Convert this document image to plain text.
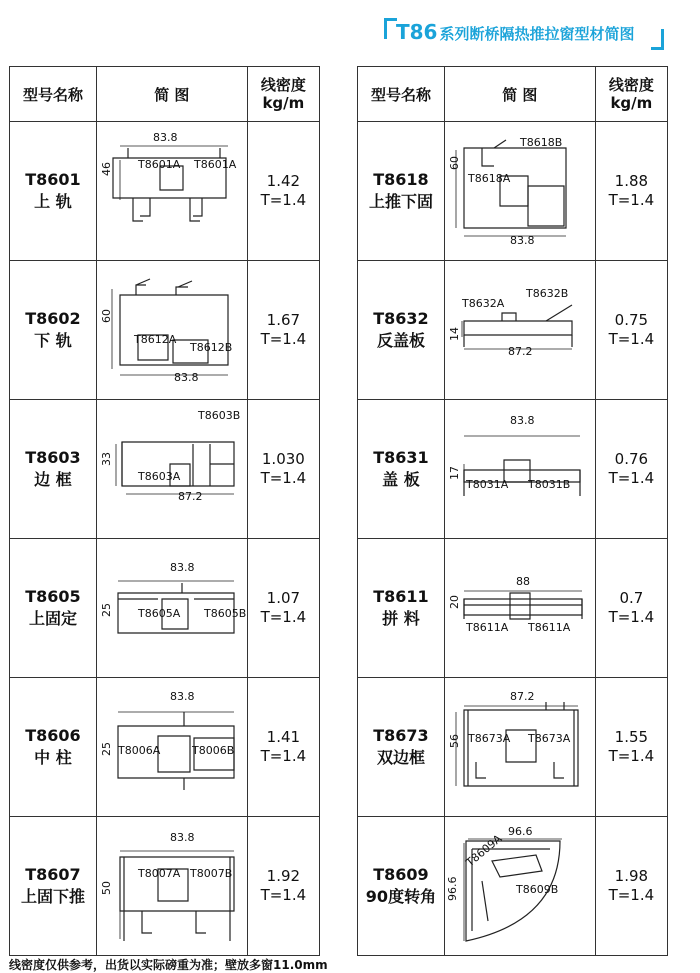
T86 系列断桥隔热推拉窗型材简图
型号名称	简 图	线密度
kg/m

T8601
上 轨	83.8
46 T8601A T8601A	1.42
T=1.4

T8602
下 轨	60
T8612A
T8612B
83.8	1.67
T=1.4

T8603
边 框	T8603B
33
T8603A
87.2	1.030
T=1.4

T8605
上固定	83.8
25 T8605A T8605B	1.07
T=1.4

T8606
中 柱	83.8
25 T8006A T8006B	1.41
T=1.4

T8607
上固下推	83.8
50
T8007A T8007B	1.92
T=1.4
型号名称	简 图	线密度
kg/m

T8618
上推下固	T8618B
60
T8618A
83.8	1.88
T=1.4

T8632
反盖板	T8632A
T8632B
14
87.2	0.75
T=1.4

T8631
盖 板	83.8
17
T8031A T8031B	0.76
T=1.4

T8611
拼 料	88
20
T8611A T8611A	0.7
T=1.4

T8673
双边框	87.2
56 T8673A T8673A	1.55
T=1.4

T8609
90度转角	96.6
T8609A
96.6 T8609B	1.98
T=1.4
线密度仅供参考，出货以实际磅重为准；壁放多窗11.0mm
